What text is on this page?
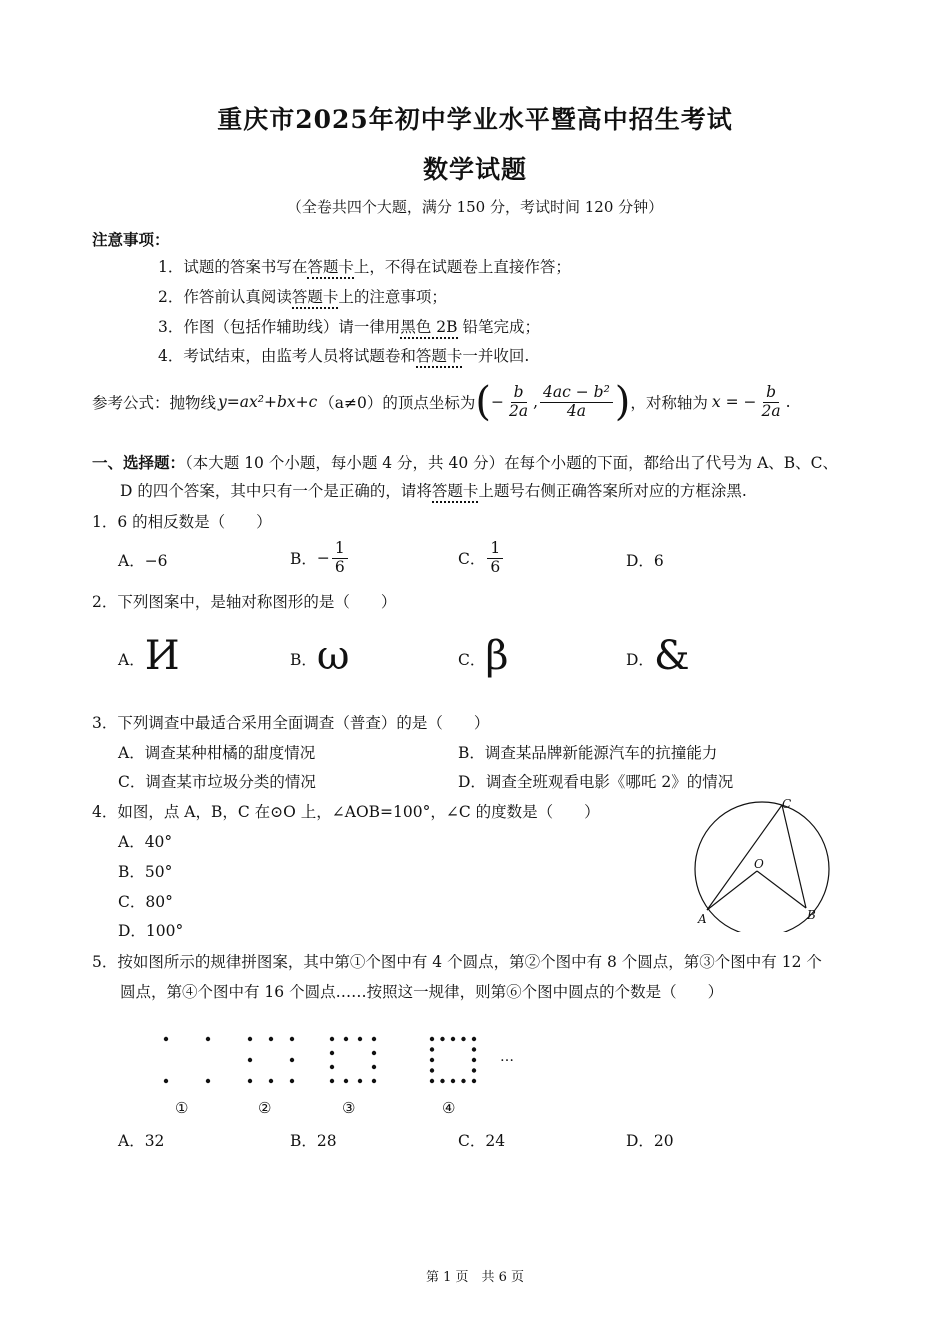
重庆市2025年初中学业水平暨高中招生考试
数学试题
（全卷共四个大题，满分 150 分，考试时间 120 分钟）
注意事项：
1．试题的答案书写在答题卡上，不得在试题卷上直接作答；
2．作答前认真阅读答题卡上的注意事项；
3．作图（包括作辅助线）请一律用黑色 2B 铅笔完成；
4．考试结束，由监考人员将试题卷和答题卡一并收回.
参考公式：抛物线 y=ax²+bx+c （a≠0）的顶点坐标为 ( − $\frac{b}{2a}$ , $\frac{\text{4ac − b²}}{4a}$ ) ，对称轴为 x = − $\frac{b}{2a}$ .
一、选择题：（本大题 10 个小题，每小题 4 分，共 40 分）在每个小题的下面，都给出了代号为 A、B、C、
D 的四个答案，其中只有一个是正确的，请将答题卡上题号右侧正确答案所对应的方框涂黑.
1．6 的相反数是（　　）
A．−6	B． − $\frac{1}{6}$	C． $\frac{1}{6}$	D．6
2．下列图案中，是轴对称图形的是（　　）
A． И	B． ω	C． β	D． &
3．下列调查中最适合采用全面调查（普查）的是（　　）
A．调查某种柑橘的甜度情况	B．调查某品牌新能源汽车的抗撞能力
C．调查某市垃圾分类的情况	D．调查全班观看电影《哪吒 2》的情况
4．如图，点 A，B，C 在⊙O 上，∠AOB=100°，∠C 的度数是（　　）
A．40°
B．50°
C．80°
D．100°
C
O
A	B
5．按如图所示的规律拼图案，其中第①个图中有 4 个圆点，第②个图中有 8 个圆点，第③个图中有 12 个
圆点，第④个图中有 16 个圆点……按照这一规律，则第⑥个图中圆点的个数是（　　）
①	②	③	④
…
A．32	B．28	C．24	D．20
第 1 页　共 6 页
